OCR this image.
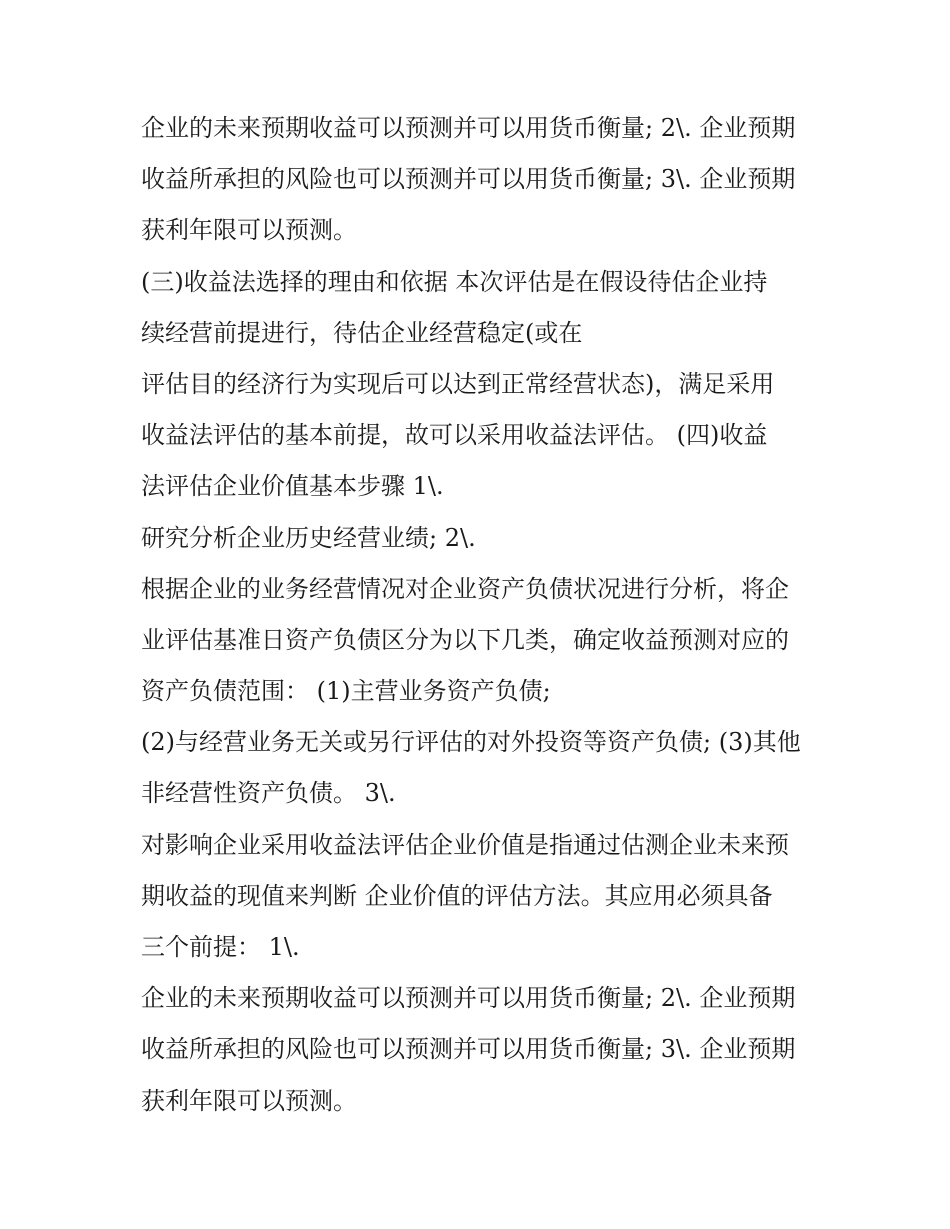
企业的未来预期收益可以预测并可以用货币衡量; 2\. 企业预期
收益所承担的风险也可以预测并可以用货币衡量; 3\. 企业预期
获利年限可以预测。
(三)收益法选择的理由和依据 本次评估是在假设待估企业持
续经营前提进行，待估企业经营稳定(或在
评估目的经济行为实现后可以达到正常经营状态)，满足采用
收益法评估的基本前提，故可以采用收益法评估。 (四)收益
法评估企业价值基本步骤 1\.
研究分析企业历史经营业绩; 2\.
根据企业的业务经营情况对企业资产负债状况进行分析，将企
业评估基准日资产负债区分为以下几类，确定收益预测对应的
资产负债范围： (1)主营业务资产负债;
(2)与经营业务无关或另行评估的对外投资等资产负债; (3)其他
非经营性资产负债。 3\.
对影响企业采用收益法评估企业价值是指通过估测企业未来预
期收益的现值来判断 企业价值的评估方法。其应用必须具备
三个前提： 1\.
企业的未来预期收益可以预测并可以用货币衡量; 2\. 企业预期
收益所承担的风险也可以预测并可以用货币衡量; 3\. 企业预期
获利年限可以预测。
